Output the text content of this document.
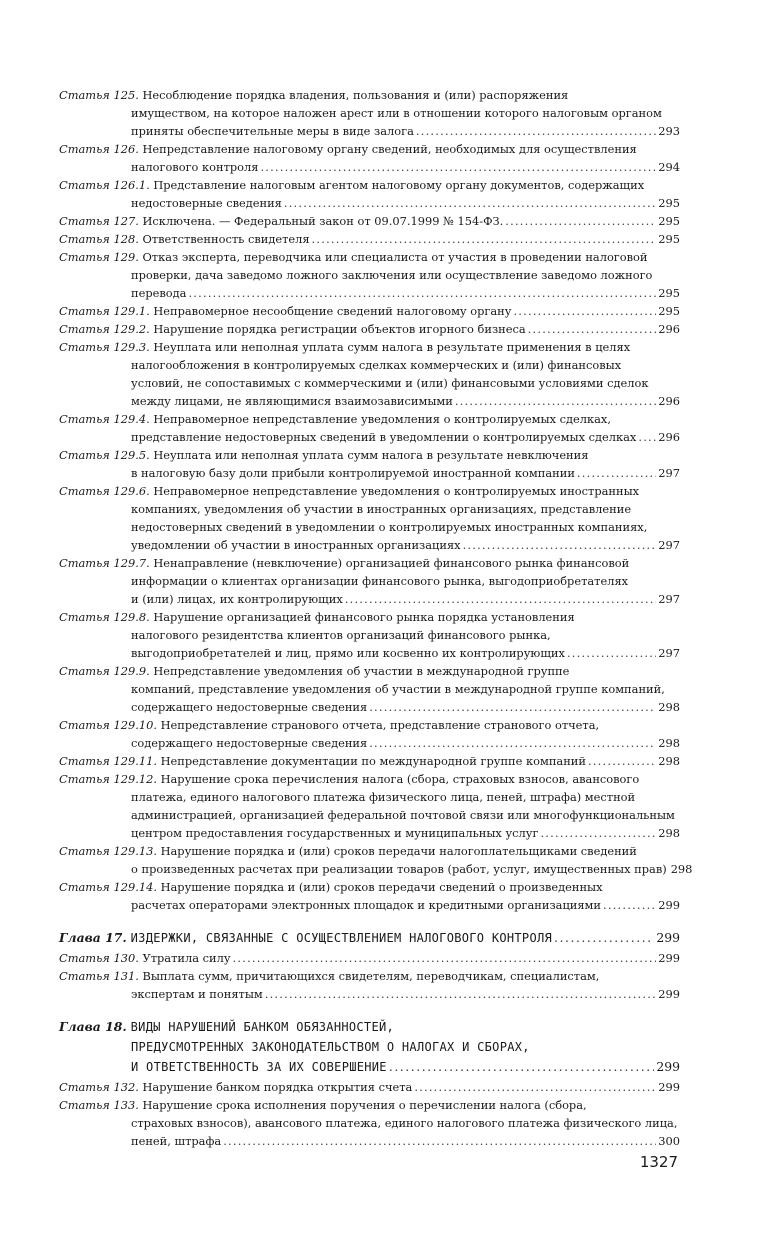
Статья 125. Несоблюдение порядка владения, пользования и (или) распоряжения
имуществом, на которое наложен арест или в отношении которого налоговым органом
приняты обеспечительные меры в виде залога . . .	293
Статья 126. Непредставление налоговому органу сведений, необходимых для осуществления
налогового контроля . . .	294
Статья 126.1. Представление налоговым агентом налоговому органу документов, содержащих
недостоверные сведения . . .	295
Статья 127. Исключена. — Федеральный закон от 09.07.1999 № 154-ФЗ. . . .	295
Статья 128. Ответственность свидетеля . . .	295
Статья 129. Отказ эксперта, переводчика или специалиста от участия в проведении налоговой
проверки, дача заведомо ложного заключения или осуществление заведомо ложного
перевода . . .	295
Статья 129.1. Неправомерное несообщение сведений налоговому органу . . .	295
Статья 129.2. Нарушение порядка регистрации объектов игорного бизнеса . . .	296
Статья 129.3. Неуплата или неполная уплата сумм налога в результате применения в целях
налогообложения в контролируемых сделках коммерческих и (или) финансовых
условий, не сопоставимых с коммерческими и (или) финансовыми условиями сделок
между лицами, не являющимися взаимозависимыми . . .	296
Статья 129.4. Неправомерное непредставление уведомления о контролируемых сделках,
представление недостоверных сведений в уведомлении о контролируемых сделках . . . 296
Статья 129.5. Неуплата или неполная уплата сумм налога в результате невключения
в налоговую базу доли прибыли контролируемой иностранной компании . . .	297
Статья 129.6. Неправомерное непредставление уведомления о контролируемых иностранных
компаниях, уведомления об участии в иностранных организациях, представление
недостоверных сведений в уведомлении о контролируемых иностранных компаниях,
уведомлении об участии в иностранных организациях . . .	297
Статья 129.7. Ненаправление (невключение) организацией финансового рынка финансовой
информации о клиентах организации финансового рынка, выгодоприобретателях
и (или) лицах, их контролирующих . . .	297
Статья 129.8. Нарушение организацией финансового рынка порядка установления
налогового резидентства клиентов организаций финансового рынка,
выгодоприобретателей и лиц, прямо или косвенно их контролирующих . . .	297
Статья 129.9. Непредставление уведомления об участии в международной группе
компаний, представление уведомления об участии в международной группе компаний,
содержащего недостоверные сведения . . .	298
Статья 129.10. Непредставление странового отчета, представление странового отчета,
содержащего недостоверные сведения . . .	298
Статья 129.11. Непредставление документации по международной группе компаний . . .	298
Статья 129.12. Нарушение срока перечисления налога (сбора, страховых взносов, авансового
платежа, единого налогового платежа физического лица, пеней, штрафа) местной
администрацией, организацией федеральной почтовой связи или многофункциональным
центром предоставления государственных и муниципальных услуг . . .	298
Статья 129.13. Нарушение порядка и (или) сроков передачи налогоплательщиками сведений
о произведенных расчетах при реализации товаров (работ, услуг, имущественных прав) 298
Статья 129.14. Нарушение порядка и (или) сроков передачи сведений о произведенных
расчетах операторами электронных площадок и кредитными организациями . . .	299
Глава 17. ИЗДЕРЖКИ, СВЯЗАННЫЕ С ОСУЩЕСТВЛЕНИЕМ НАЛОГОВОГО КОНТРОЛЯ . . .	299
Статья 130. Утратила силу . . .	299
Статья 131. Выплата сумм, причитающихся свидетелям, переводчикам, специалистам,
экспертам и понятым . . .	299
Глава 18. ВИДЫ НАРУШЕНИЙ БАНКОМ ОБЯЗАННОСТЕЙ,
ПРЕДУСМОТРЕННЫХ ЗАКОНОДАТЕЛЬСТВОМ О НАЛОГАХ И СБОРАХ,
И ОТВЕТСТВЕННОСТЬ ЗА ИХ СОВЕРШЕНИЕ . . .	299
Статья 132. Нарушение банком порядка открытия счета . . .	299
Статья 133. Нарушение срока исполнения поручения о перечислении налога (сбора,
страховых взносов), авансового платежа, единого налогового платежа физического лица,
пеней, штрафа . . .	300
1327
